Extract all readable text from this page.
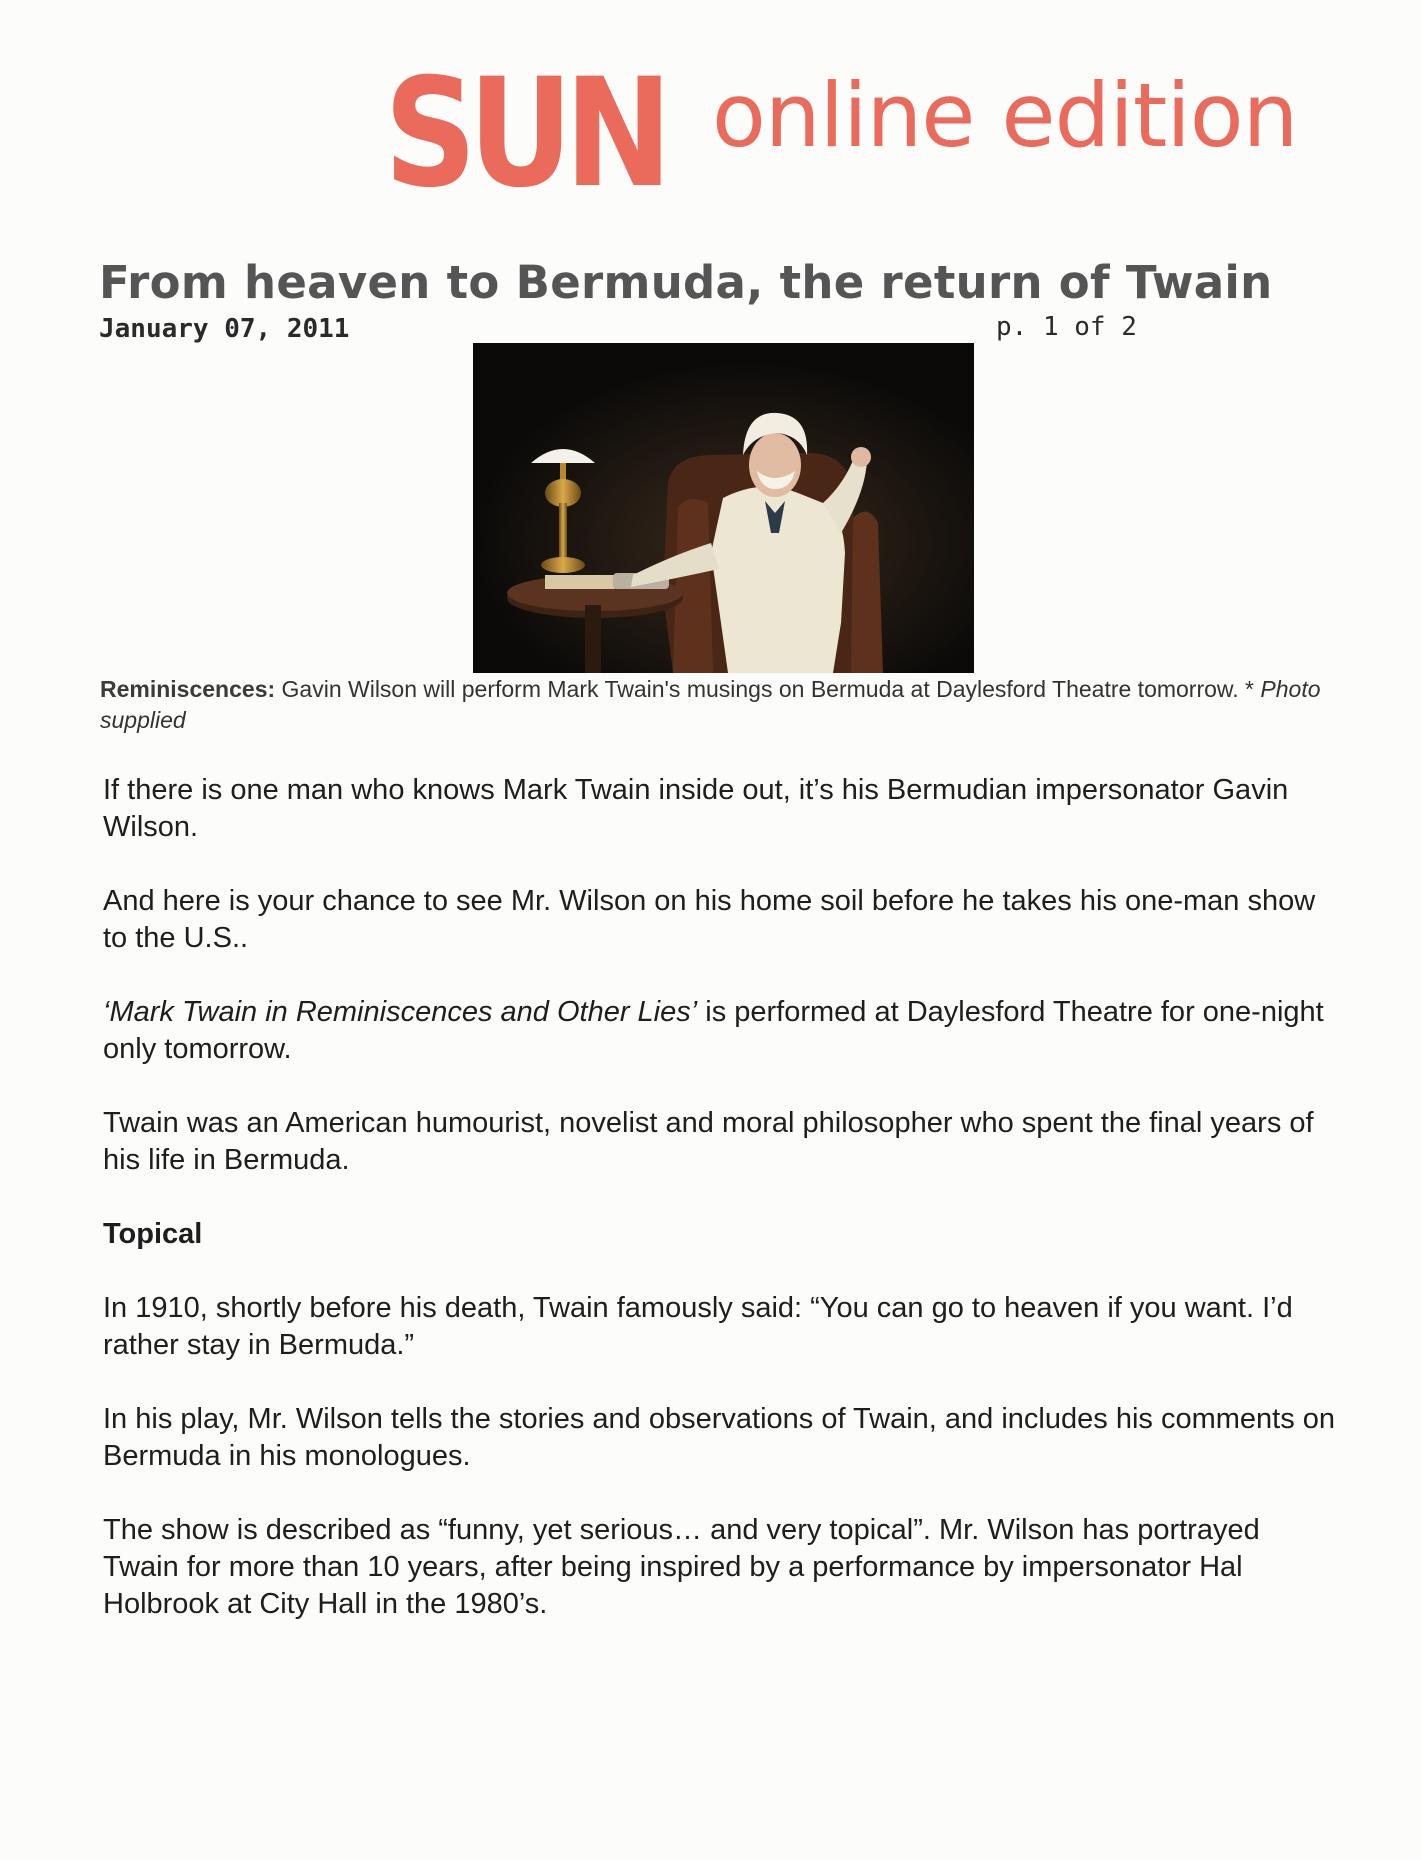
SUN online edition
From heaven to Bermuda, the return of Twain
January 07, 2011	p. 1 of 2
Reminiscences: Gavin Wilson will perform Mark Twain's musings on Bermuda at Daylesford Theatre tomorrow. * Photo supplied

If there is one man who knows Mark Twain inside out, it’s his Bermudian impersonator Gavin Wilson.

And here is your chance to see Mr. Wilson on his home soil before he takes his one-man show to the U.S..

‘Mark Twain in Reminiscences and Other Lies’ is performed at Daylesford Theatre for one-night only tomorrow.

Twain was an American humourist, novelist and moral philosopher who spent the final years of his life in Bermuda.

Topical

In 1910, shortly before his death, Twain famously said: “You can go to heaven if you want. I’d rather stay in Bermuda.”

In his play, Mr. Wilson tells the stories and observations of Twain, and includes his comments on Bermuda in his monologues.

The show is described as “funny, yet serious… and very topical”. Mr. Wilson has portrayed Twain for more than 10 years, after being inspired by a performance by impersonator Hal Holbrook at City Hall in the 1980’s.
